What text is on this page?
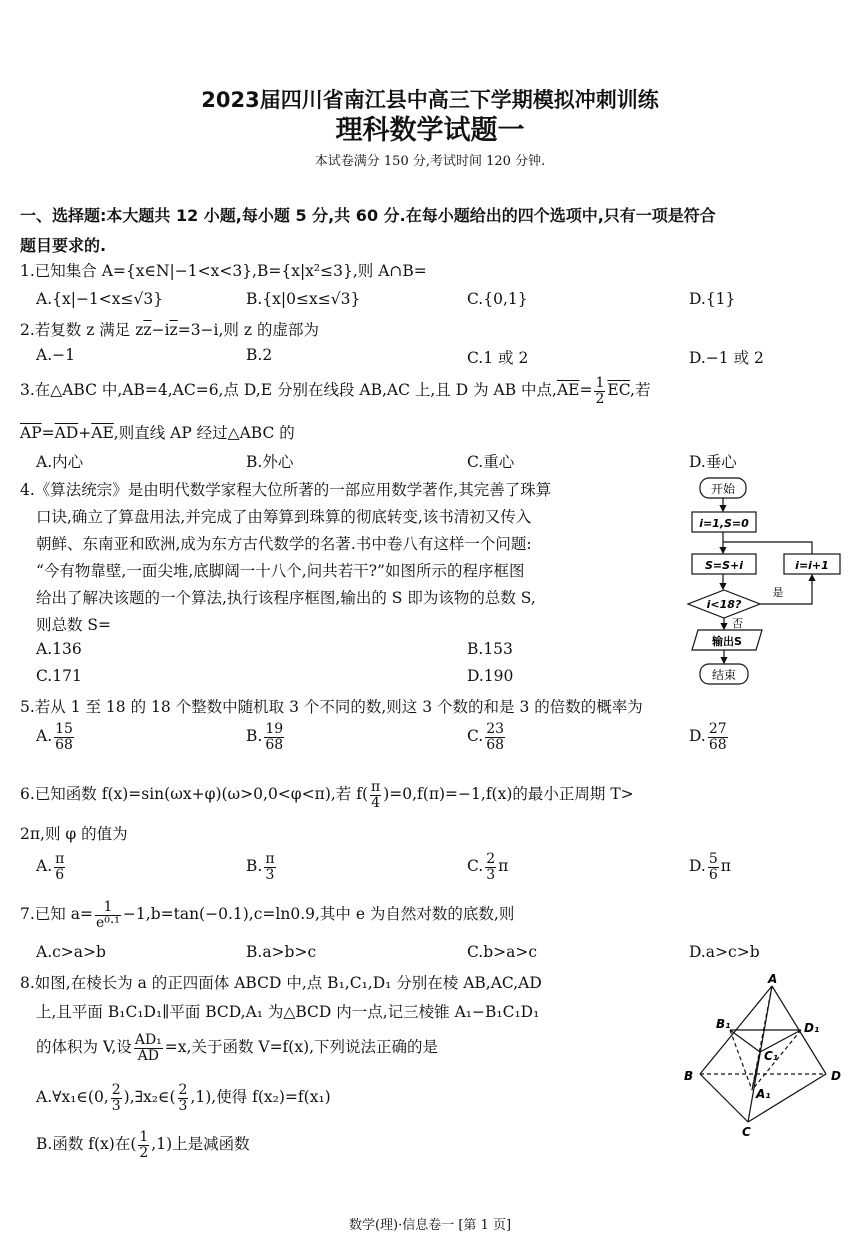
2023届四川省南江县中高三下学期模拟冲刺训练
理科数学试题一
本试卷满分 150 分,考试时间 120 分钟.
一、选择题:本大题共 12 小题,每小题 5 分,共 60 分.在每小题给出的四个选项中,只有一项是符合
题目要求的.
1.已知集合 A={x∈N|−1<x<3},B={x|x²≤3},则 A∩B=
A.{x|−1<x≤√3}	B.{x|0≤x≤√3}	C.{0,1}	D.{1}
2.若复数 z 满足 $z\overline{z}-i\overline{z}=3-i$,则 z 的虚部为
A.−1	B.2	C.1 或 2	D.−1 或 2
3.在△ABC 中,AB=4,AC=6,点 D,E 分别在线段 AB,AC 上,且 D 为 AB 中点$,\overline{AE}= \frac{1}{2} \overline{EC}$,若
$\overline{AP}=\overline{AD}+\overline{AE}$,则直线 AP 经过△ABC 的
A.内心	B.外心	C.重心	D.垂心
4.《算法统宗》是由明代数学家程大位所著的一部应用数学著作,其完善了珠算
口诀,确立了算盘用法,并完成了由筹算到珠算的彻底转变,该书清初又传入
朝鲜、东南亚和欧洲,成为东方古代数学的名著.书中卷八有这样一个问题:
“今有物靠壁,一面尖堆,底脚阔一十八个,问共若干?”如图所示的程序框图
给出了解决该题的一个算法,执行该程序框图,输出的 S 即为该物的总数 S,
则总数 S=
A.136	B.153
C.171	D.190
开始
i=1,S=0
S=S+i	i=i+1
i<18?
是
否
输出S
结束
5.若从 1 至 18 的 18 个整数中随机取 3 个不同的数,则这 3 个数的和是 3 的倍数的概率为
A. $\frac{15}{68}$	B. $\frac{19}{68}$	C. $\frac{23}{68}$	D. $\frac{27}{68}$
6.已知函数 f(x)=sin(ωx+φ)(ω>0,0<φ<π),若 $f( \frac{\pi}{4} )=0,f(\pi)=-1,f(x)$的最小正周期 T>
2π,则 φ 的值为
A. $\frac{\pi}{6}$	B. $\frac{\pi}{3}$	C. $\frac{2}{3}$ π	D. $\frac{5}{6}$ π
7.已知 $a= \frac{1}{\text{e⁰·¹}} -1,b=\tan(-0.1),c=\ln 0.9$,其中 e 为自然对数的底数,则
A.c>a>b	B.a>b>c	C.b>a>c	D.a>c>b
8.如图,在棱长为 a 的正四面体 ABCD 中,点 B₁,C₁,D₁ 分别在棱 AB,AC,AD
上,且平面 B₁C₁D₁∥平面 BCD,A₁ 为△BCD 内一点,记三棱锥 A₁−B₁C₁D₁
的体积为 V,设 $\frac{\text{AD₁}}{AD} =x$,关于函数 V=f(x),下列说法正确的是
A.∀x₁∈(0, $\frac{2}{3}$ ),∃x₂∈( $\frac{2}{3} ,1$),使得 f(x₂)=f(x₁)
B.函数 f(x)在( $\frac{1}{2} ,1$)上是减函数
A
B
C
D
B₁
C₁
D₁
A₁
数学(理)·信息卷一 [第 1 页]
